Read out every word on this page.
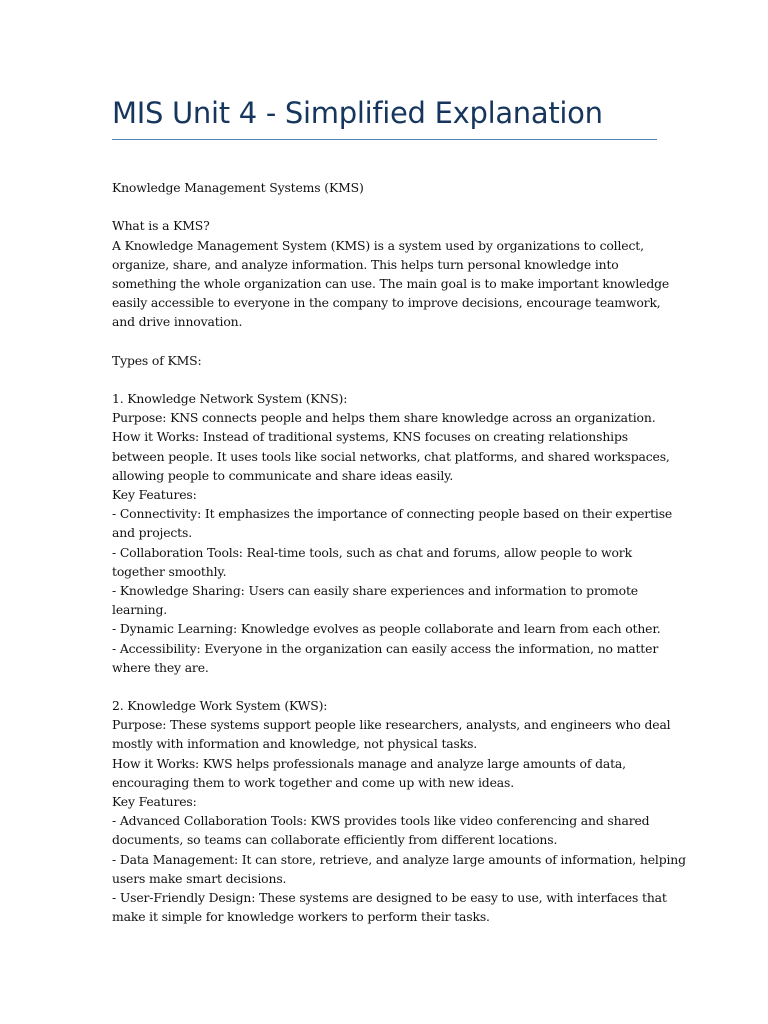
MIS Unit 4 - Simplified Explanation
Knowledge Management Systems (KMS)
What is a KMS?
A Knowledge Management System (KMS) is a system used by organizations to collect,
organize, share, and analyze information. This helps turn personal knowledge into
something the whole organization can use. The main goal is to make important knowledge
easily accessible to everyone in the company to improve decisions, encourage teamwork,
and drive innovation.
Types of KMS:
1. Knowledge Network System (KNS):
Purpose: KNS connects people and helps them share knowledge across an organization.
How it Works: Instead of traditional systems, KNS focuses on creating relationships
between people. It uses tools like social networks, chat platforms, and shared workspaces,
allowing people to communicate and share ideas easily.
Key Features:
- Connectivity: It emphasizes the importance of connecting people based on their expertise
and projects.
- Collaboration Tools: Real-time tools, such as chat and forums, allow people to work
together smoothly.
- Knowledge Sharing: Users can easily share experiences and information to promote
learning.
- Dynamic Learning: Knowledge evolves as people collaborate and learn from each other.
- Accessibility: Everyone in the organization can easily access the information, no matter
where they are.
2. Knowledge Work System (KWS):
Purpose: These systems support people like researchers, analysts, and engineers who deal
mostly with information and knowledge, not physical tasks.
How it Works: KWS helps professionals manage and analyze large amounts of data,
encouraging them to work together and come up with new ideas.
Key Features:
- Advanced Collaboration Tools: KWS provides tools like video conferencing and shared
documents, so teams can collaborate efficiently from different locations.
- Data Management: It can store, retrieve, and analyze large amounts of information, helping
users make smart decisions.
- User-Friendly Design: These systems are designed to be easy to use, with interfaces that
make it simple for knowledge workers to perform their tasks.
